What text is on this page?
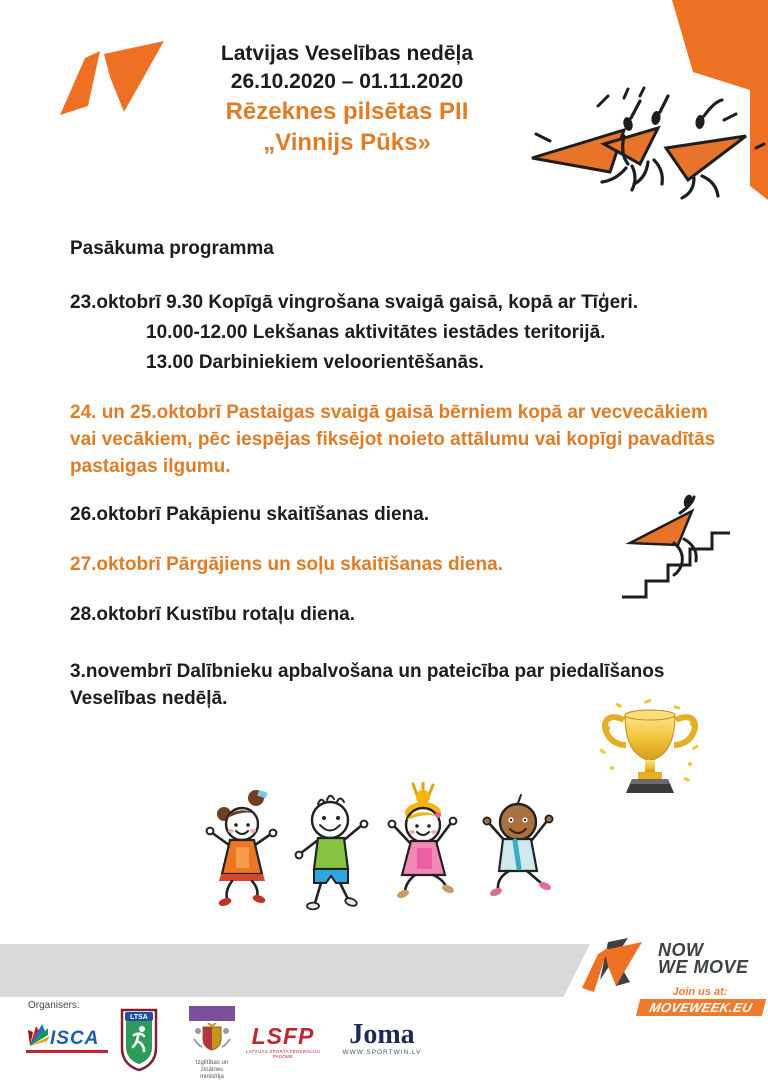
Latvijas Veselības nedēļa
26.10.2020 – 01.11.2020
Rēzeknes pilsētas PII
„Vinnijs Pūks»
Pasākuma programma
23.oktobrī 9.30 Kopīgā vingrošana svaigā gaisā, kopā ar Tīģeri.
10.00-12.00 Lekšanas aktivitātes iestādes teritorijā.
13.00 Darbiniekiem veloorientēšanās.
24. un 25.oktobrī Pastaigas svaigā gaisā bērniem kopā ar vecvecākiem vai vecākiem, pēc iespējas fiksējot noieto attālumu vai kopīgi pavadītās pastaigas ilgumu.
26.oktobrī Pakāpienu skaitīšanas diena.
27.oktobrī Pārgājiens un soļu skaitīšanas diena.
28.oktobrī Kustību rotaļu diena.
3.novembrī Dalībnieku apbalvošana un pateicība par piedalīšanos Veselības nedēļā.
NOW
WE MOVE
Join us at:
MOVEWEEK.EU
Organisers:
ISCA
LTSA
Izglītības un zinātnes
ministrija
LSFP
LATVIJAS SPORTA FEDERĀCIJU PADOME
Joma
WWW.SPORTWIN.LV
